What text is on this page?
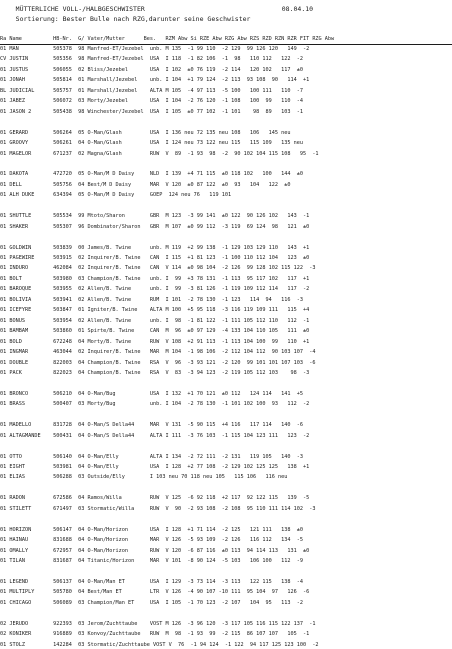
MÜTTERLICHE VOLL-/HALBGESCHWISTER	08.04.10
Sortierung: Bester Bulle nach RZG,darunter seine Geschwister
Ra Name          HB-Nr.  G/ Vater/Mutter      Bes.   RZM Abw Si RZE Abw RZG Abw RZS RZD RZN RZR FIT RZG Abw
01 MAN           505378  98 Manfred-ET/Jezebel  unb. M 135  -1 99 110  -2 129  99 126 120   149  -2
CV JUSTIN        505356  98 Manfred-ET/Jezebel  USA  I 118  -1 82 106  -1  98   110 112   122  -2
01 JUSTUS        506055  02 Bliss/Jezebel       USA  I 102  ±0 76 119  -2 114   120 102   117  ±0
01 JONAH         505814  01 Marshall/Jezebel    unb. I 104  +1 79 124  -2 113  93 108  90   114  +1
BL JUDICIAL      505757  01 Marshall/Jezebel    ALTA M 105  -4 97 113  -5 100   100 111   110  -7
01 JABEZ         506072  03 Morty/Jezebel       USA  I 104  -2 76 120  -1 108   100  99   110  -4
01 JASON 2       505438  98 Winchester/Jezebel  USA  I 105  ±0 77 102  -1 101    98  89   103  -1
01 GERARD        506264  05 O-Man/Glash         USA  I 136 neu 72 135 neu 108   106   145 neu
01 GROOVY        506261  04 O-Man/Glash         USA  I 124 neu 73 122 neu 115   115 109   135 neu
01 MAGELOR       671237  02 Magna/Glash         RUW  V  89  -1 93  98  -2  90 102 104 115 108   95  -1
01 DAKOTA        472720  05 O-Man/M D Daisy     NLD  I 139  +4 71 115  ±0 118 102   100   144  ±0
01 DELL          505756  04 Best/M D Daisy      MAR  V 120  ±0 87 122  ±0  93   104   122  ±0
01 ALH DUKE      634394  05 O-Man/M D Daisy     GOEP  124 neu 76   119 101
01 SHUTTLE       505534  99 Mtoto/Sharon        GBR  M 123  -3 99 141  ±0 122  90 126 102   143  -1
01 SHAKER        505307  96 Dombinator/Sharon   GBR  M 107  ±0 99 112  -3 119  69 124  98   121  ±0
01 GOLDWIN       503839  00 James/B. Twine      unb. M 119  +2 99 138  -1 129 103 129 110   143  +1
01 PAGEWIRE      503915  02 Inquirer/B. Twine   CAN  I 115  +1 81 123  -1 100 110 112 104   123  ±0
01 INDURO        462084  02 Inquirer/B. Twine   CAN  V 114  ±0 98 104  -2 126  99 128 102 115 122  -3
01 BOLT          503980  03 Champion/B. Twine   unb. I  99  +3 78 131  -1 113  95 117 102   117  +1
01 BAROQUE       503955  02 Allen/B. Twine      unb. I  99  -3 81 126  -1 119 109 112 114   117  -2
01 BOLIVIA       503941  02 Allen/B. Twine      RUM  I 101  -2 78 130  -1 123   114  94   116  -3
01 ICEFYRE       503847  01 Igniter/B. Twine    ALTA M 100  +5 95 118  -3 116 119 109 111   115  +4
01 BONUS         503954  02 Allen/B. Twine      unb. I  98  -1 81 122  -1 111 105 112 110   112  -1
01 BAMBAM        503860  01 Spirte/B. Twine     CAN  M  96  ±0 97 129  -4 133 104 110 105   111  ±0
01 BOLD          672248  04 Morty/B. Twine      RUW  V 108  +2 91 113  -1 113 104 100  99   110  +1
01 INGMAR        463044  02 Inquirer/B. Twine   MAR  M 104  -1 98 106  -2 112 104 112  90 103 107  -4
01 DOUBLE        822003  04 Champion/B. Twine   RSA  V  96  -3 93 121  -2 120  99 101 101 107 103  -6
01 PACK          822023  04 Champion/B. Twine   RSA  V  83  -3 94 123  -2 119 105 112 103    98  -3
01 BRONCO        506210  04 O-Man/Bug           USA  I 132  +1 70 121  ±0 112   124 114   141  +5
01 BRASS         500407  03 Morty/Bug           unb. I 104  -2 78 130  -1 101 102 100  93   112  -2
01 MADELLO       831728  04 O-Man/S Della44     MAR  V 131  -5 90 115  +4 116   117 114   140  -6
01 ALTAGMANDE    500431  04 O-Man/S Della44     ALTA I 111  -3 76 103  -1 115 104 123 111   123  -2
01 OTTO          506140  04 O-Man/Elly          ALTA I 134  -2 72 111  -2 131   119 105   140  -3
01 EIGHT         503981  04 O-Man/Elly          USA  I 128  +2 77 108  -2 129 102 125 125   138  +1
01 ELIAS         506288  03 Outside/Elly        I 103 neu 70 118 neu 105   115 106   116 neu
01 RADON         672586  04 Ramos/Willa         RUW  V 125  -6 92 118  +2 117  92 122 115   139  -5
01 STILETT       671497  03 Stormatic/Willa     RUW  V  90  -2 93 108  -2 108  95 110 111 114 102  -3
01 HORIZON       506147  04 O-Man/Horizon       USA  I 128  +1 71 114  -2 125   121 111   138  ±0
01 HAINAU        831688  04 O-Man/Horizon       MAR  V 126  -5 93 109  -2 126   116 112   134  -5
01 OMALLY        672957  04 O-Man/Horizon       RUW  V 120  -6 87 116  ±0 113  94 114 113   131  ±0
01 TILAN         831687  04 Titanic/Horizon     MAR  V 101  -8 90 124  -5 103   106 100   112  -9
01 LEGEND        506137  04 O-Man/Man ET        USA  I 129  -3 73 114  -3 113   122 115   138  -4
01 MULTIPLY      505780  04 Best/Man ET         LTR  V 126  -4 90 107 -10 111  95 104  97   126  -6
01 CHICAGO       506089  03 Champion/Man ET     USA  I 105  -1 70 123  -2 107   104  95   113  -2
02 JERUDO        922393  03 Jerom/Zuchttaube    VOST M 126  -3 96 120  -3 117 105 116 115 122 137  -1
02 KONIKER       916889  03 Konvoy/Zuchttaube   RUW  M  98  -1 93  99  -2 115  86 107 107   105  -1
01 STOLZ         142284  03 Stormatic/Zuchttaube VOST V  76  -1 94 124  -1 122  94 117 125 123 100  -2
